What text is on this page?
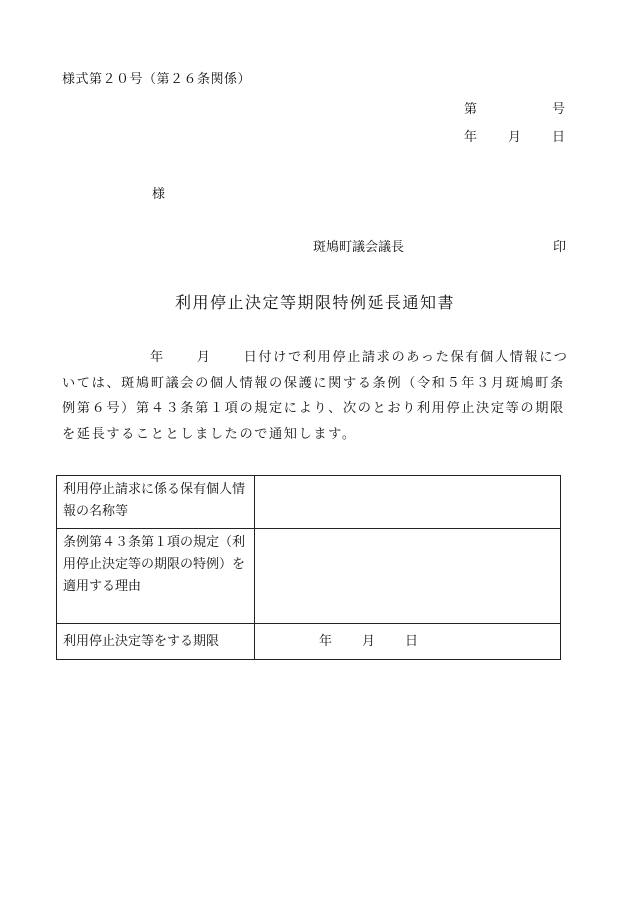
様式第２０号（第２６条関係）
第	号
年 月 日
様
斑鳩町議会議長	印
利用停止決定等期限特例延長通知書
年 月 日付けで利用停止請求のあった保有個人情報については、斑鳩町議会の個人情報の保護に関する条例（令和５年３月斑鳩町条例第６号）第４３条第１項の規定により、次のとおり利用停止決定等の期限を延長することとしましたので通知します。
利用停止請求に係る保有個人情報の名称等	
条例第４３条第１項の規定（利用停止決定等の期限の特例）を適用する理由	
利用停止決定等をする期限	年 月 日
